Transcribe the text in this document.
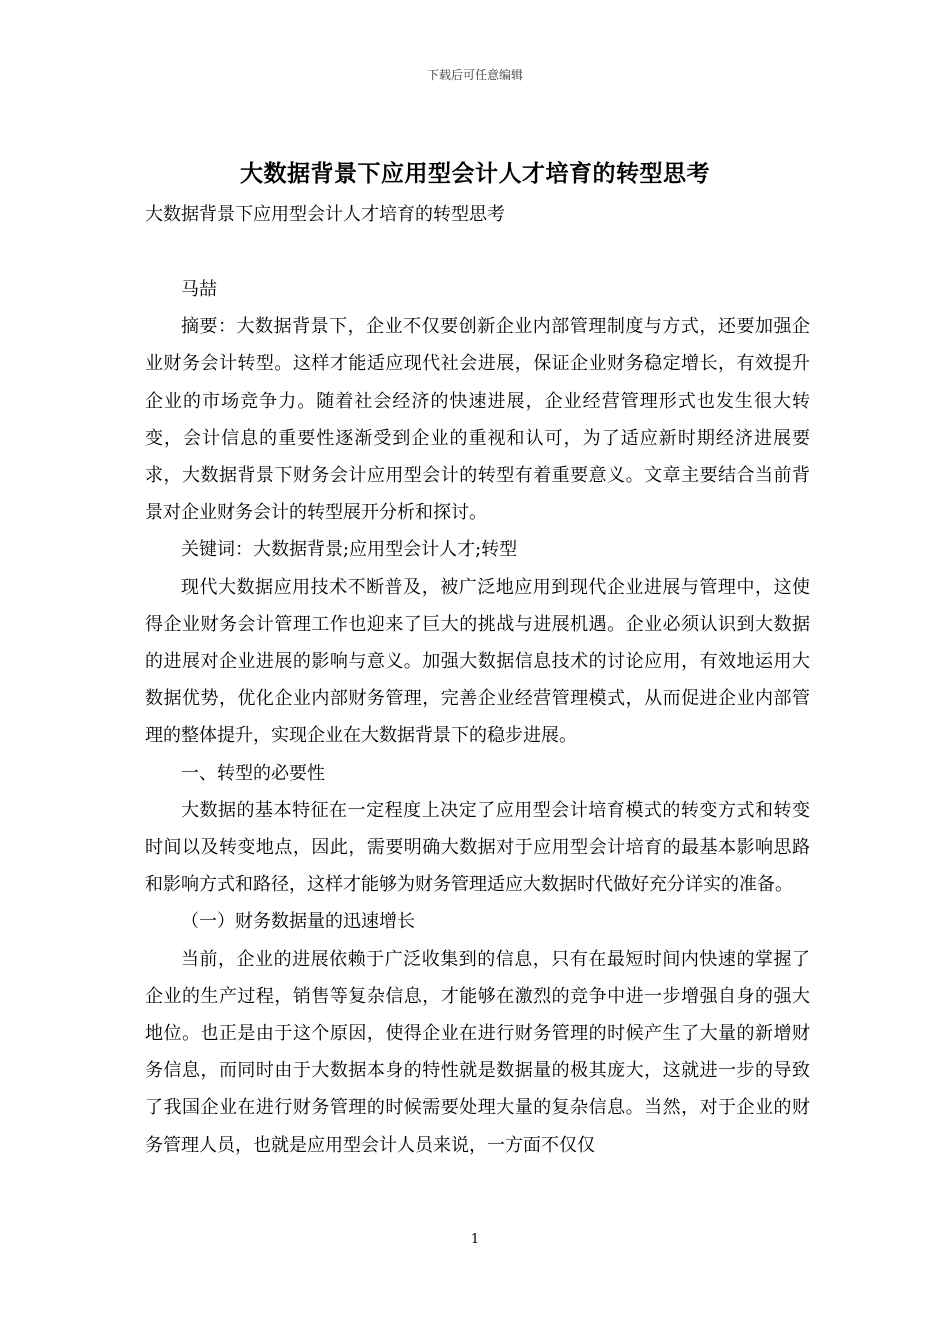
下载后可任意编辑
大数据背景下应用型会计人才培育的转型思考
大数据背景下应用型会计人才培育的转型思考

马喆

摘要：大数据背景下，企业不仅要创新企业内部管理制度与方式，还要加强企业财务会计转型。这样才能适应现代社会进展，保证企业财务稳定增长，有效提升企业的市场竞争力。随着社会经济的快速进展，企业经营管理形式也发生很大转变，会计信息的重要性逐渐受到企业的重视和认可，为了适应新时期经济进展要求，大数据背景下财务会计应用型会计的转型有着重要意义。文章主要结合当前背景对企业财务会计的转型展开分析和探讨。

关键词：大数据背景;应用型会计人才;转型

现代大数据应用技术不断普及，被广泛地应用到现代企业进展与管理中，这使得企业财务会计管理工作也迎来了巨大的挑战与进展机遇。企业必须认识到大数据的进展对企业进展的影响与意义。加强大数据信息技术的讨论应用，有效地运用大数据优势，优化企业内部财务管理，完善企业经营管理模式，从而促进企业内部管理的整体提升，实现企业在大数据背景下的稳步进展。

一、转型的必要性

大数据的基本特征在一定程度上决定了应用型会计培育模式的转变方式和转变时间以及转变地点，因此，需要明确大数据对于应用型会计培育的最基本影响思路和影响方式和路径，这样才能够为财务管理适应大数据时代做好充分详实的准备。

（一）财务数据量的迅速增长

当前，企业的进展依赖于广泛收集到的信息，只有在最短时间内快速的掌握了企业的生产过程，销售等复杂信息，才能够在激烈的竞争中进一步增强自身的强大地位。也正是由于这个原因，使得企业在进行财务管理的时候产生了大量的新增财务信息，而同时由于大数据本身的特性就是数据量的极其庞大，这就进一步的导致了我国企业在进行财务管理的时候需要处理大量的复杂信息。当然，对于企业的财务管理人员，也就是应用型会计人员来说，一方面不仅仅

1
